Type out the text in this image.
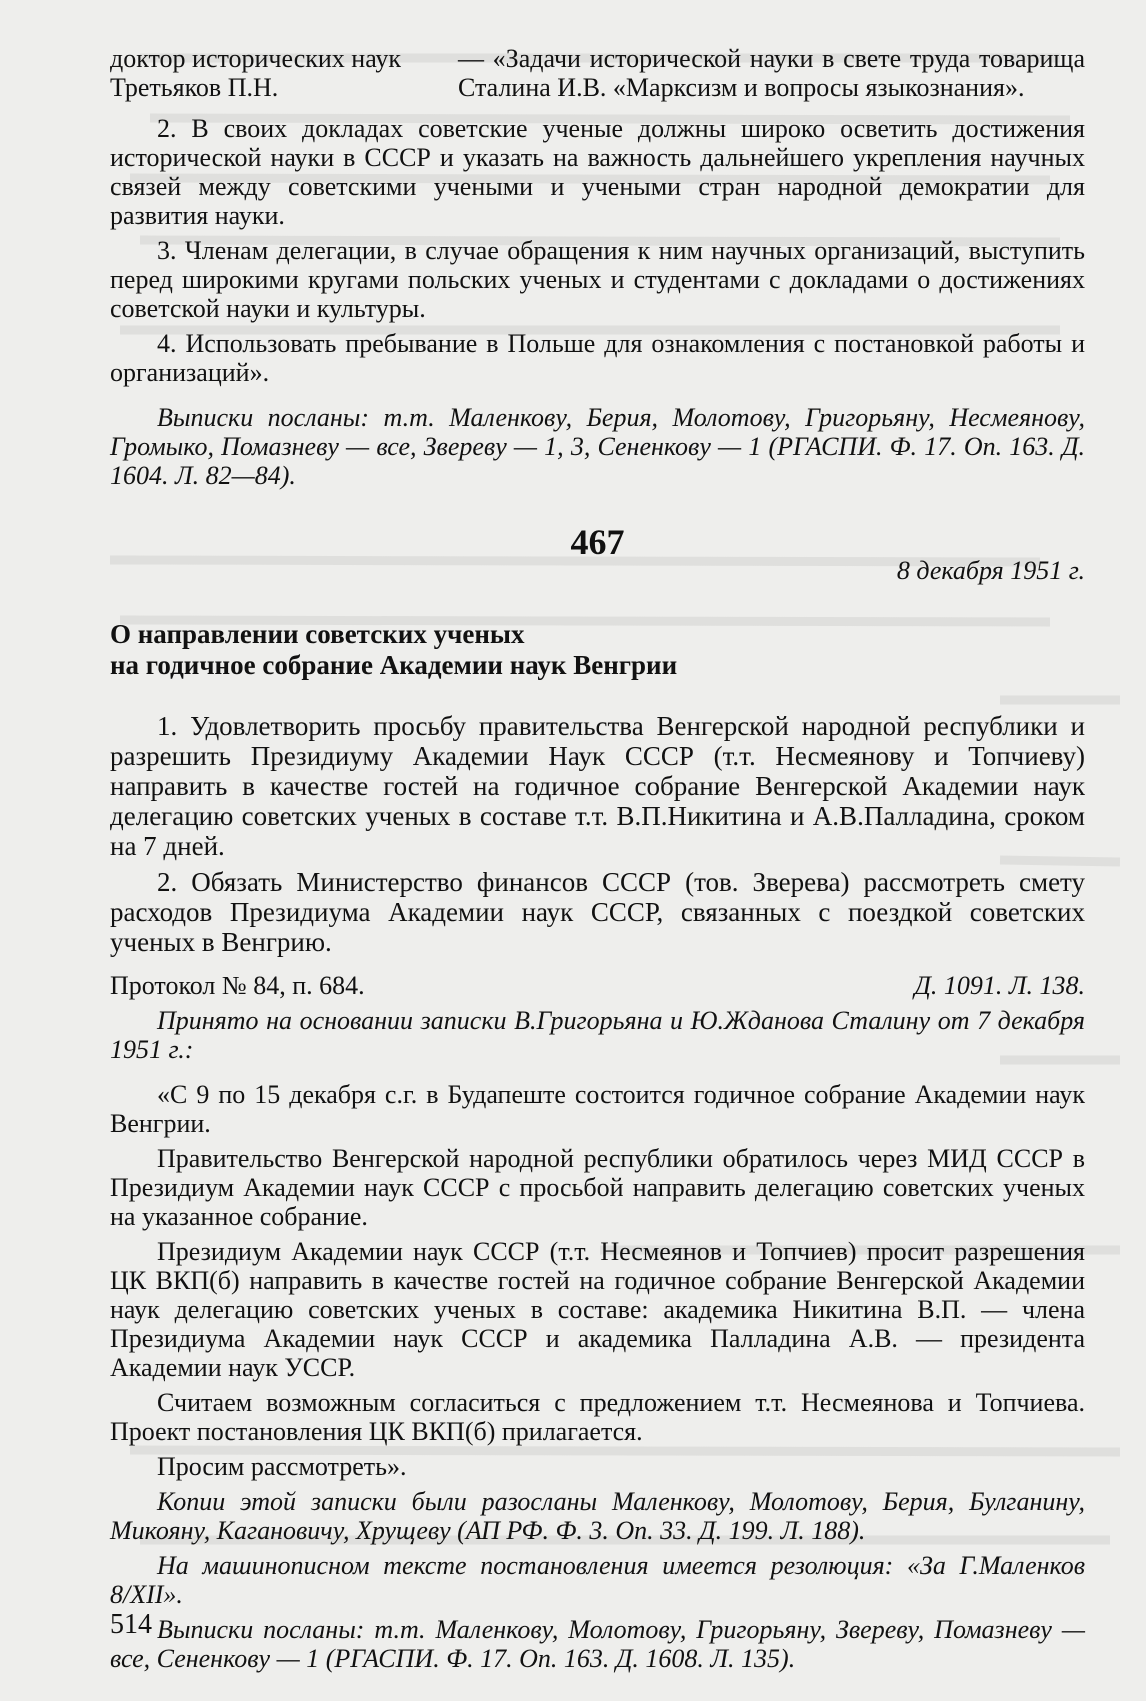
доктор исторических наук Третьяков П.Н.
— «Задачи исторической науки в свете труда товарища Сталина И.В. «Марксизм и вопросы языкознания».

2. В своих докладах советские ученые должны широко осветить достижения исторической науки в СССР и указать на важность дальнейшего укрепления научных связей между советскими учеными и учеными стран народной демократии для развития науки.

3. Членам делегации, в случае обращения к ним научных организаций, выступить перед широкими кругами польских ученых и студентами с докладами о достижениях советской науки и культуры.

4. Использовать пребывание в Польше для ознакомления с постановкой работы и организаций».

Выписки посланы: т.т. Маленкову, Берия, Молотову, Григорьяну, Несмеянову, Громыко, Помазневу — все, Звереву — 1, 3, Сененкову — 1 (РГАСПИ. Ф. 17. Оп. 163. Д. 1604. Л. 82—84).

467
8 декабря 1951 г.
О направлении советских ученых
на годичное собрание Академии наук Венгрии

1. Удовлетворить просьбу правительства Венгерской народной республики и разрешить Президиуму Академии Наук СССР (т.т. Несмеянову и Топчиеву) направить в качестве гостей на годичное собрание Венгерской Академии наук делегацию советских ученых в составе т.т. В.П.Никитина и А.В.Палладина, сроком на 7 дней.

2. Обязать Министерство финансов СССР (тов. Зверева) рассмотреть смету расходов Президиума Академии наук СССР, связанных с поездкой советских ученых в Венгрию.

Протокол № 84, п. 684.	Д. 1091. Л. 138.

Принято на основании записки В.Григорьяна и Ю.Жданова Сталину от 7 декабря 1951 г.:

«С 9 по 15 декабря с.г. в Будапеште состоится годичное собрание Академии наук Венгрии.

Правительство Венгерской народной республики обратилось через МИД СССР в Президиум Академии наук СССР с просьбой направить делегацию советских ученых на указанное собрание.

Президиум Академии наук СССР (т.т. Несмеянов и Топчиев) просит разрешения ЦК ВКП(б) направить в качестве гостей на годичное собрание Венгерской Академии наук делегацию советских ученых в составе: академика Никитина В.П. — члена Президиума Академии наук СССР и академика Палладина А.В. — президента Академии наук УССР.

Считаем возможным согласиться с предложением т.т. Несмеянова и Топчиева. Проект постановления ЦК ВКП(б) прилагается.

Просим рассмотреть».

Копии этой записки были разосланы Маленкову, Молотову, Берия, Булганину, Микояну, Кагановичу, Хрущеву (АП РФ. Ф. 3. Оп. 33. Д. 199. Л. 188).

На машинописном тексте постановления имеется резолюция: «За Г.Маленков 8/XII».

Выписки посланы: т.т. Маленкову, Молотову, Григорьяну, Звереву, Помазневу — все, Сененкову — 1 (РГАСПИ. Ф. 17. Оп. 163. Д. 1608. Л. 135).

514
